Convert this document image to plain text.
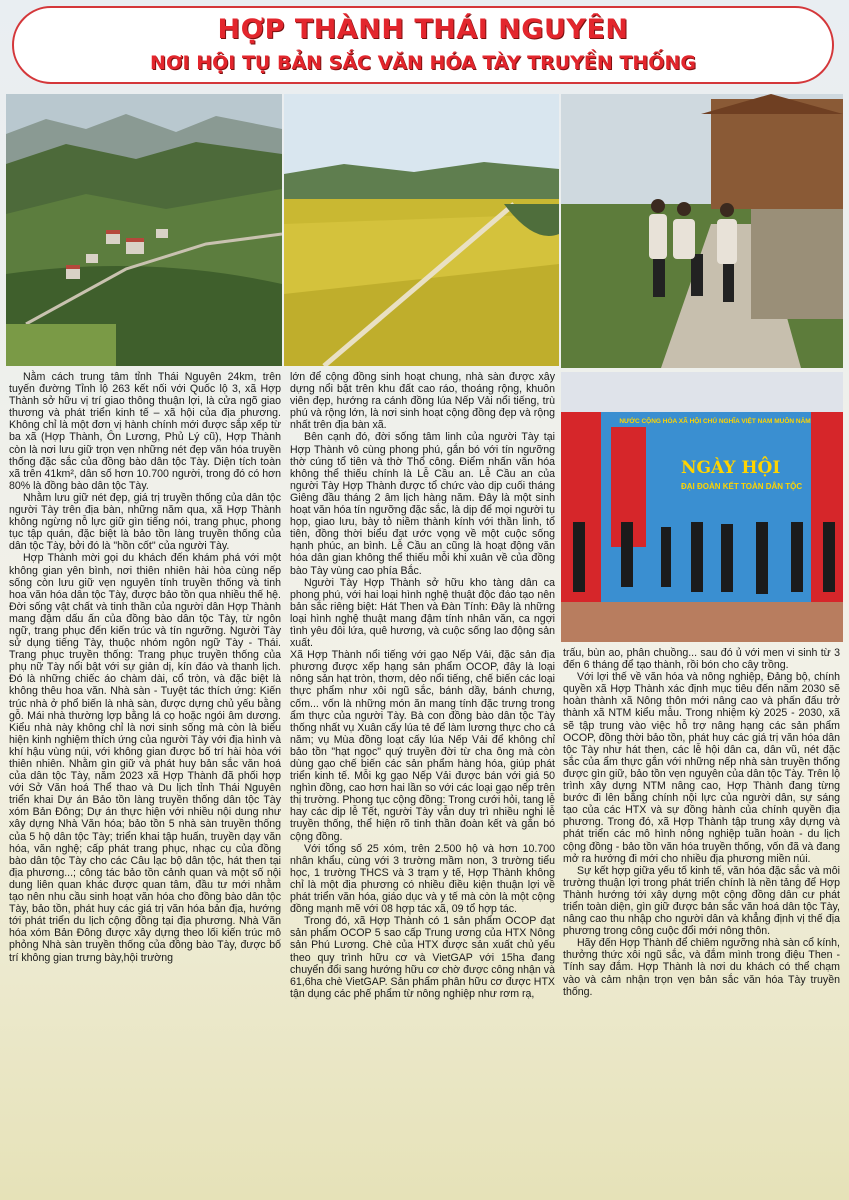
HỢP THÀNH THÁI NGUYÊN
NƠI HỘI TỤ BẢN SẮC VĂN HÓA TÀY TRUYỀN THỐNG
NƯỚC CỘNG HÒA XÃ HỘI CHỦ NGHĨA VIỆT NAM MUÔN NĂM
NGÀY HỘI
ĐẠI ĐOÀN KẾT TOÀN DÂN TỘC

Nằm cách trung tâm tỉnh Thái Nguyên 24km, trên tuyến đường Tỉnh lộ 263 kết nối với Quốc lộ 3, xã Hợp Thành sở hữu vị trí giao thông thuận lợi, là cửa ngõ giao thương và phát triển kinh tế – xã hội của địa phương. Không chỉ là một đơn vị hành chính mới được sắp xếp từ ba xã (Hợp Thành, Ôn Lương, Phủ Lý cũ), Hợp Thành còn là nơi lưu giữ trọn vẹn những nét đẹp văn hóa truyền thống đặc sắc của đồng bào dân tộc Tày. Diện tích toàn xã trên 41km², dân số hơn 10.700 người, trong đó có hơn 80% là đồng bào dân tộc Tày.

Nhằm lưu giữ nét đẹp, giá trị truyền thống của dân tộc người Tày trên địa bàn, những năm qua, xã Hợp Thành không ngừng nỗ lực giữ gìn tiếng nói, trang phục, phong tục tập quán, đặc biệt là bảo tồn làng truyền thống của dân tộc Tày, bởi đó là "hồn cốt" của người Tày.

Hợp Thành mời gọi du khách đến khám phá với một không gian yên bình, nơi thiên nhiên hài hòa cùng nếp sống còn lưu giữ vẹn nguyên tính truyền thống và tinh hoa văn hóa dân tộc Tày, được bảo tồn qua nhiều thế hệ. Đời sống vật chất và tinh thần của người dân Hợp Thành mang đậm dấu ấn của đồng bào dân tộc Tày, từ ngôn ngữ, trang phục đến kiến trúc và tín ngưỡng. Người Tày sử dụng tiếng Tày, thuộc nhóm ngôn ngữ Tày - Thái. Trang phục truyền thống: Trang phục truyền thống của phụ nữ Tày nổi bật với sự giản dị, kín đáo và thanh lịch. Đó là những chiếc áo chàm dài, cổ tròn, và đặc biệt là không thêu hoa văn. Nhà sàn - Tuyệt tác thích ứng: Kiến trúc nhà ở phổ biến là nhà sàn, được dựng chủ yếu bằng gỗ. Mái nhà thường lợp bằng lá cọ hoặc ngói âm dương. Kiểu nhà này không chỉ là nơi sinh sống mà còn là biểu hiện kinh nghiệm thích ứng của người Tày với địa hình và khí hậu vùng núi, với không gian được bố trí hài hòa với thiên nhiên. Nhằm gìn giữ và phát huy bản sắc văn hoá của dân tộc Tày, năm 2023 xã Hợp Thành đã phối hợp với Sở Văn hoá Thể thao và Du lịch tỉnh Thái Nguyên triển khai Dự án Bảo tồn làng truyền thống dân tộc Tày xóm Bản Đông; Dự án thực hiện với nhiều nội dung như xây dựng Nhà Văn hóa; bảo tồn 5 nhà sàn truyền thống của 5 hộ dân tộc Tày; triển khai tập huấn, truyền dạy văn hóa, văn nghệ; cấp phát trang phục, nhạc cụ của đồng bào dân tộc Tày cho các Câu lạc bộ dân tộc, hát then tại địa phương...; công tác bảo tồn cảnh quan và một số nội dung liên quan khác được quan tâm, đầu tư mới nhằm tạo nên nhu cầu sinh hoạt văn hóa cho đồng bào dân tộc Tày, bảo tồn, phát huy các giá trị văn hóa bản địa, hướng tới phát triển du lịch cộng đồng tại địa phương. Nhà Văn hóa xóm Bản Đông được xây dựng theo lối kiến trúc mô phỏng Nhà sàn truyền thống của đồng bào Tày, được bố trí không gian trưng bày,hội trường

lớn để cộng đồng sinh hoạt chung, nhà sàn được xây dựng nổi bật trên khu đất cao ráo, thoáng rộng, khuôn viên đẹp, hướng ra cánh đồng lúa Nếp Vải nổi tiếng, trù phú và rộng lớn, là nơi sinh hoạt cộng đồng đẹp và rộng nhất trên địa bàn xã.

Bên cạnh đó, đời sống tâm linh của người Tày tại Hợp Thành vô cùng phong phú, gắn bó với tín ngưỡng thờ cúng tổ tiên và thờ Thổ công. Điểm nhấn văn hóa không thể thiếu chính là Lễ Cầu an. Lễ Cầu an của người Tày Hợp Thành được tổ chức vào dịp cuối tháng Giêng đầu tháng 2 âm lịch hàng năm. Đây là một sinh hoạt văn hóa tín ngưỡng đặc sắc, là dịp để mọi người tụ họp, giao lưu, bày tỏ niềm thành kính với thần linh, tổ tiên, đồng thời biểu đạt ước vọng về một cuộc sống hạnh phúc, an bình. Lễ Cầu an cũng là hoạt động văn hóa dân gian không thể thiếu mỗi khi xuân về của đồng bào Tày vùng cao phía Bắc.

Người Tày Hợp Thành sở hữu kho tàng dân ca phong phú, với hai loại hình nghệ thuật độc đáo tạo nên bản sắc riêng biệt: Hát Then và Đàn Tính: Đây là những loại hình nghệ thuật mang đậm tính nhân văn, ca ngợi tình yêu đôi lứa, quê hương, và cuộc sống lao động sản xuất.

Xã Hợp Thành nổi tiếng với gạo Nếp Vải, đặc sản địa phương được xếp hạng sản phẩm OCOP, đây là loại nông sản hạt tròn, thơm, dẻo nổi tiếng, chế biến các loại thực phẩm như xôi ngũ sắc, bánh dầy, bánh chưng, cốm... vốn là những món ăn mang tính đặc trưng trong ẩm thực của người Tày. Bà con đồng bào dân tộc Tày thống nhất vụ Xuân cấy lúa tẻ để làm lương thực cho cả năm; vụ Mùa đồng loạt cấy lúa Nếp Vải để không chỉ bảo tồn "hạt ngọc" quý truyền đời từ cha ông mà còn dùng gạo chế biến các sản phẩm hàng hóa, giúp phát triển kinh tế. Mỗi kg gạo Nếp Vải được bán với giá 50 nghìn đồng, cao hơn hai lần so với các loại gạo nếp trên thị trường. Phong tục cộng đồng: Trong cưới hỏi, tang lễ hay các dịp lễ Tết, người Tày vẫn duy trì nhiều nghi lễ truyền thống, thể hiện rõ tinh thần đoàn kết và gắn bó cộng đồng.

Với tổng số 25 xóm, trên 2.500 hộ và hơn 10.700 nhân khẩu, cùng với 3 trường mầm non, 3 trường tiểu học, 1 trường THCS và 3 trạm y tế, Hợp Thành không chỉ là một địa phương có nhiều điều kiện thuận lợi về phát triển văn hóa, giáo dục và y tế mà còn là một cộng đồng mạnh mẽ với 08 hợp tác xã, 09 tổ hợp tác.

Trong đó, xã Hợp Thành có 1 sản phẩm OCOP đạt sản phẩm OCOP 5 sao cấp Trung ương của HTX Nông sản Phú Lương. Chè của HTX được sản xuất chủ yếu theo quy trình hữu cơ và VietGAP với 15ha đang chuyển đổi sang hướng hữu cơ chờ được công nhận và 61,6ha chè VietGAP. Sản phẩm phân hữu cơ được HTX tận dụng các phế phẩm từ nông nghiệp như rơm rạ,

trấu, bùn ao, phân chuồng... sau đó ủ với men vi sinh từ 3 đến 6 tháng để tạo thành, rồi bón cho cây trồng.

Với lợi thế về văn hóa và nông nghiệp, Đảng bộ, chính quyền xã Hợp Thành xác định mục tiêu đến năm 2030 sẽ hoàn thành xã Nông thôn mới nâng cao và phấn đấu trở thành xã NTM kiểu mẫu. Trong nhiệm kỳ 2025 - 2030, xã sẽ tập trung vào việc hỗ trợ nâng hạng các sản phẩm OCOP, đồng thời bảo tồn, phát huy các giá trị văn hóa dân tộc Tày như hát then, các lễ hội dân ca, dân vũ, nét đặc sắc của ẩm thực gắn với những nếp nhà sàn truyền thống được gìn giữ, bảo tồn vẹn nguyên của dân tộc Tày. Trên lộ trình xây dựng NTM nâng cao, Hợp Thành đang từng bước đi lên bằng chính nội lực của người dân, sự sáng tạo của các HTX và sự đồng hành của chính quyền địa phương. Trong đó, xã Hợp Thành tập trung xây dựng và phát triển các mô hình nông nghiệp tuần hoàn - du lịch cộng đồng - bảo tồn văn hóa truyền thống, vốn đã và đang mở ra hướng đi mới cho nhiều địa phương miền núi.

Sự kết hợp giữa yếu tố kinh tế, văn hóa đặc sắc và môi trường thuận lợi trong phát triển chính là nền tảng để Hợp Thành hướng tới xây dựng một cộng đồng dân cư phát triển toàn diện, gìn giữ được bản sắc văn hoá dân tộc Tày, nâng cao thu nhập cho người dân và khẳng định vị thế địa phương trong công cuộc đổi mới nông thôn.

Hãy đến Hợp Thành để chiêm ngưỡng nhà sàn cổ kính, thưởng thức xôi ngũ sắc, và đắm mình trong điệu Then - Tính say đắm. Hợp Thành là nơi du khách có thể chạm vào và cảm nhận trọn vẹn bản sắc văn hóa Tày truyền thống.
